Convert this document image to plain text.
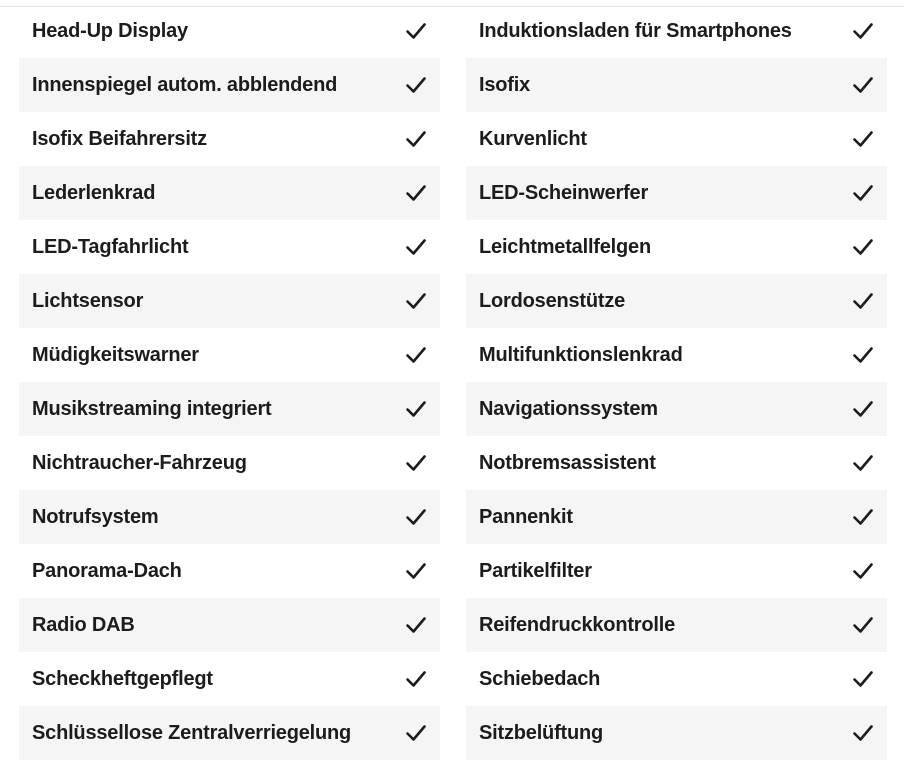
Head-Up Display
Innenspiegel autom. abblendend
Isofix Beifahrersitz
Lederlenkrad
LED-Tagfahrlicht
Lichtsensor
Müdigkeitswarner
Musikstreaming integriert
Nichtraucher-Fahrzeug
Notrufsystem
Panorama-Dach
Radio DAB
Scheckheftgepflegt
Schlüssellose Zentralverriegelung
Induktionsladen für Smartphones
Isofix
Kurvenlicht
LED-Scheinwerfer
Leichtmetallfelgen
Lordosenstütze
Multifunktionslenkrad
Navigationssystem
Notbremsassistent
Pannenkit
Partikelfilter
Reifendruckkontrolle
Schiebedach
Sitzbelüftung
